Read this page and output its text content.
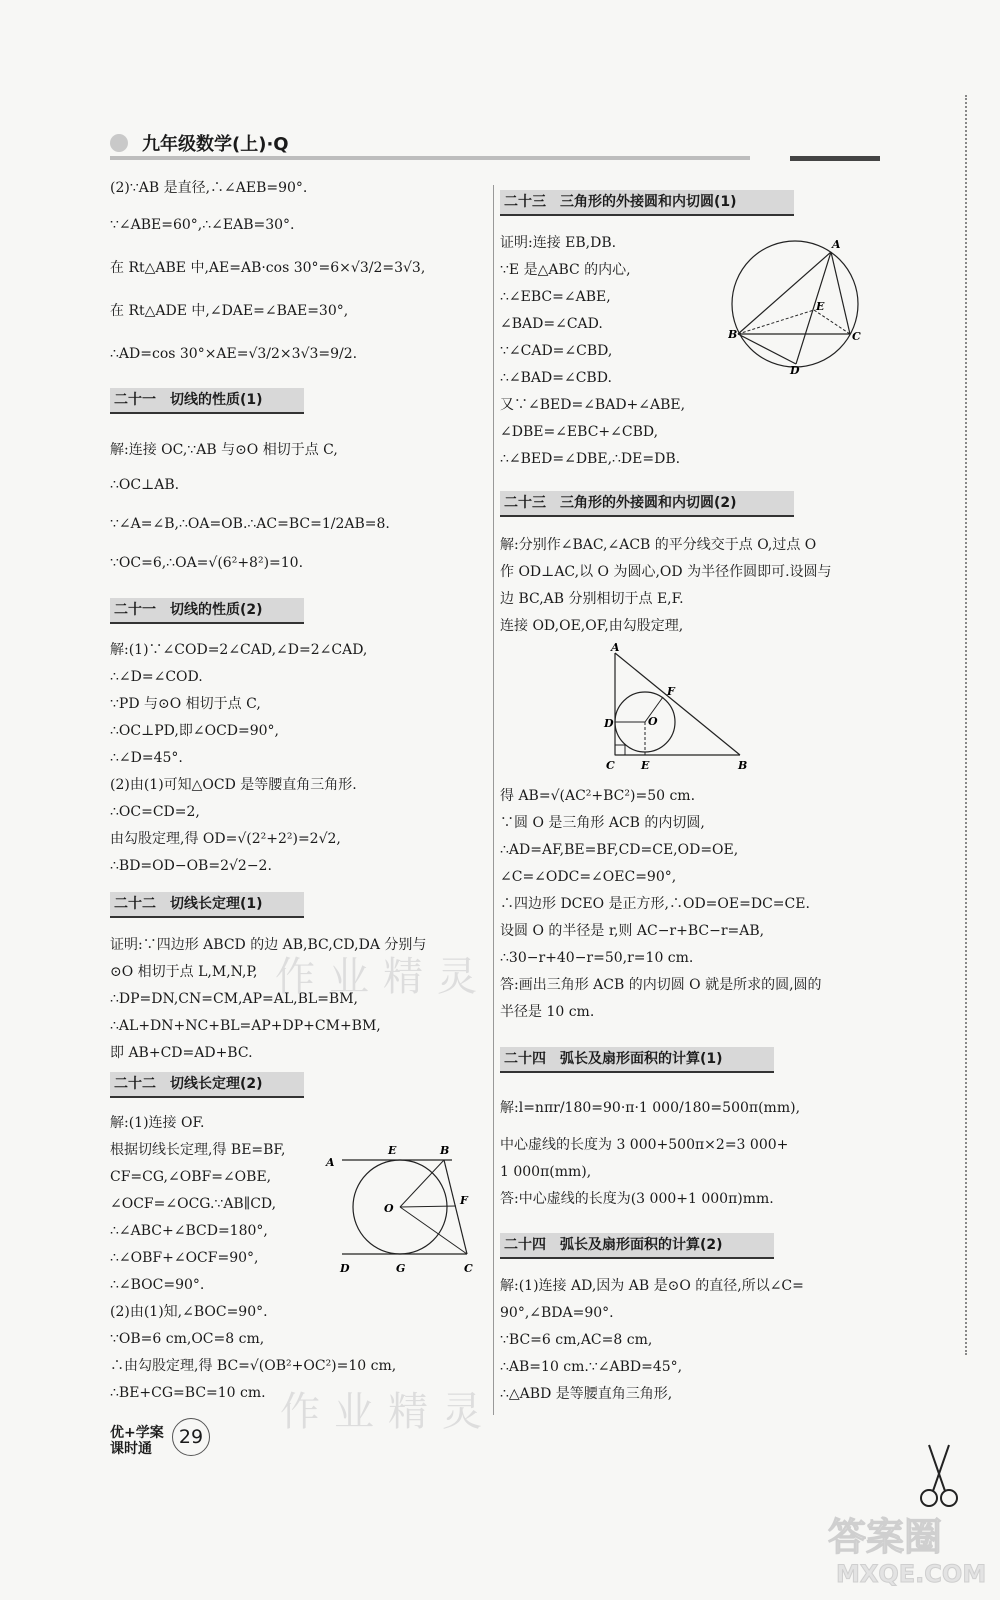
九年级数学(上)·Q
(2)∵AB 是直径,∴∠AEB=90°.
∵∠ABE=60°,∴∠EAB=30°.
在 Rt△ABE 中,AE=AB·cos 30°=6×√3/2=3√3,
在 Rt△ADE 中,∠DAE=∠BAE=30°,
∴AD=cos 30°×AE=√3/2×3√3=9/2.
二十一　切线的性质(1)
解:连接 OC,∵AB 与⊙O 相切于点 C,
∴OC⊥AB.
∵∠A=∠B,∴OA=OB.∴AC=BC=1/2AB=8.
∵OC=6,∴OA=√(6²+8²)=10.
二十一　切线的性质(2)
解:(1)∵∠COD=2∠CAD,∠D=2∠CAD,
∴∠D=∠COD.
∵PD 与⊙O 相切于点 C,
∴OC⊥PD,即∠OCD=90°,
∴∠D=45°.
(2)由(1)可知△OCD 是等腰直角三角形.
∴OC=CD=2,
由勾股定理,得 OD=√(2²+2²)=2√2,
∴BD=OD−OB=2√2−2.
二十二　切线长定理(1)
证明:∵四边形 ABCD 的边 AB,BC,CD,DA 分别与
⊙O 相切于点 L,M,N,P,
∴DP=DN,CN=CM,AP=AL,BL=BM,
∴AL+DN+NC+BL=AP+DP+CM+BM,
即 AB+CD=AD+BC.
二十二　切线长定理(2)
解:(1)连接 OF.
根据切线长定理,得 BE=BF,
CF=CG,∠OBF=∠OBE,
∠OCF=∠OCG.∵AB∥CD,
∴∠ABC+∠BCD=180°,
∴∠OBF+∠OCF=90°,
∴∠BOC=90°.
(2)由(1)知,∠BOC=90°.
∵OB=6 cm,OC=8 cm,
∴由勾股定理,得 BC=√(OB²+OC²)=10 cm,
∴BE+CG=BC=10 cm.
A
E	B
F
O
D	G	C
二十三　三角形的外接圆和内切圆(1)
证明:连接 EB,DB.
∵E 是△ABC 的内心,
∴∠EBC=∠ABE,
∠BAD=∠CAD.
∵∠CAD=∠CBD,
∴∠BAD=∠CBD.
又∵∠BED=∠BAD+∠ABE,
∠DBE=∠EBC+∠CBD,
∴∠BED=∠DBE,∴DE=DB.
A
B	C
D
E
二十三　三角形的外接圆和内切圆(2)
解:分别作∠BAC,∠ACB 的平分线交于点 O,过点 O
作 OD⊥AC,以 O 为圆心,OD 为半径作圆即可.设圆与
边 BC,AB 分别相切于点 E,F.
连接 OD,OE,OF,由勾股定理,
A
F
D	O
C E	B
得 AB=√(AC²+BC²)=50 cm.
∵圆 O 是三角形 ACB 的内切圆,
∴AD=AF,BE=BF,CD=CE,OD=OE,
∠C=∠ODC=∠OEC=90°,
∴四边形 DCEO 是正方形,∴OD=OE=DC=CE.
设圆 O 的半径是 r,则 AC−r+BC−r=AB,
∴30−r+40−r=50,r=10 cm.
答:画出三角形 ACB 的内切圆 O 就是所求的圆,圆的
半径是 10 cm.
二十四　弧长及扇形面积的计算(1)
解:l=nπr/180=90·π·1 000/180=500π(mm),
中心虚线的长度为 3 000+500π×2=3 000+
1 000π(mm),
答:中心虚线的长度为(3 000+1 000π)mm.
二十四　弧长及扇形面积的计算(2)
解:(1)连接 AD,因为 AB 是⊙O 的直径,所以∠C=
90°,∠BDA=90°.
∵BC=6 cm,AC=8 cm,
∴AB=10 cm.∵∠ABD=45°,
∴△ABD 是等腰直角三角形,
作业精灵
作业精灵
优+学案
课时通
29
答案圈
MXQE.COM
